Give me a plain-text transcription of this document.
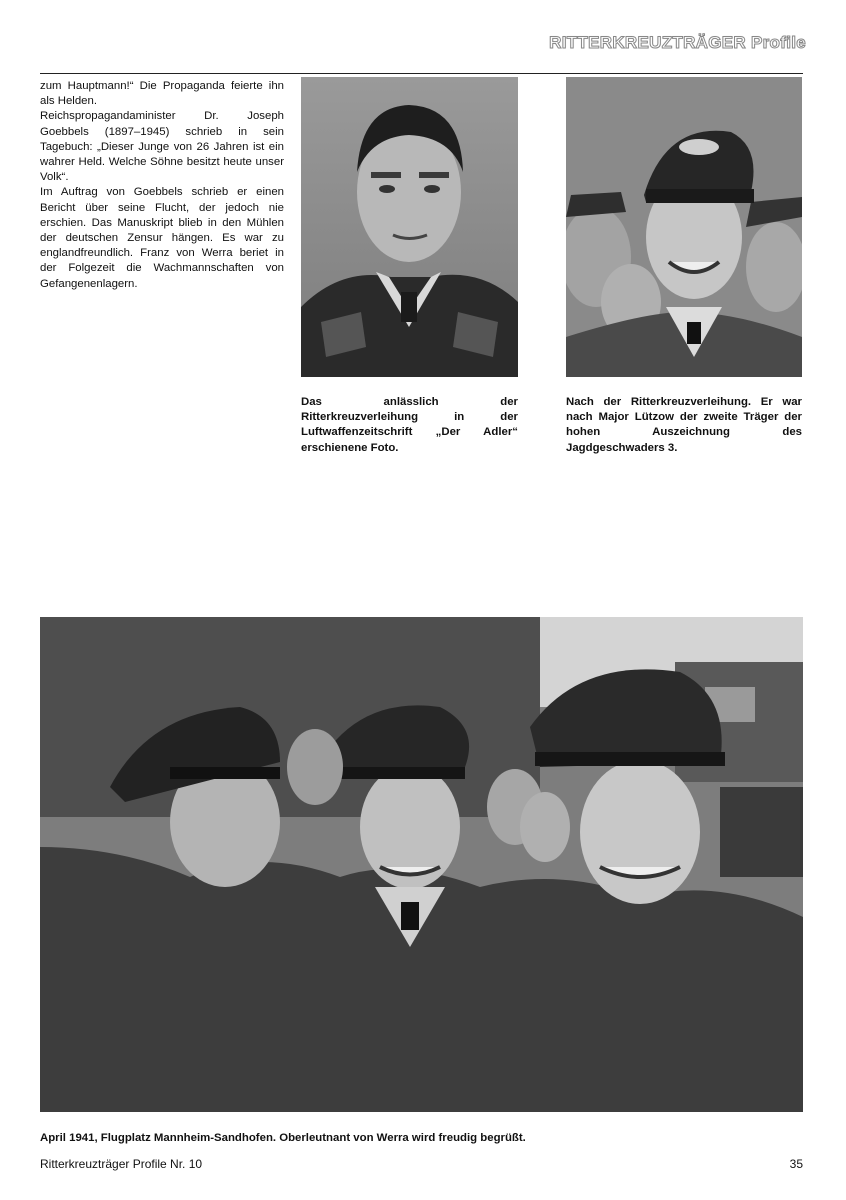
RITTERKREUZTRÄGER Profile

zum Hauptmann!“ Die Propaganda feierte ihn als Helden.

Reichspropagandaminister Dr. Joseph Goebbels (1897–1945) schrieb in sein Tagebuch: „Dieser Junge von 26 Jahren ist ein wahrer Held. Welche Söhne besitzt heute unser Volk“.

Im Auftrag von Goebbels schrieb er einen Bericht über seine Flucht, der jedoch nie erschien. Das Manuskript blieb in den Mühlen der deutschen Zensur hängen. Es war zu englandfreundlich. Franz von Werra beriet in der Folgezeit die Wachmannschaften von Gefangenenlagern.

Das anlässlich der Ritterkreuzverleihung in der Luftwaffenzeitschrift „Der Adler“ erschienene Foto.
Nach der Ritterkreuzverleihung. Er war nach Major Lützow der zweite Träger der hohen Auszeichnung des Jagdgeschwaders 3.
April 1941, Flugplatz Mannheim-Sandhofen. Oberleutnant von Werra wird freudig begrüßt.
Ritterkreuzträger Profile Nr. 10	35
